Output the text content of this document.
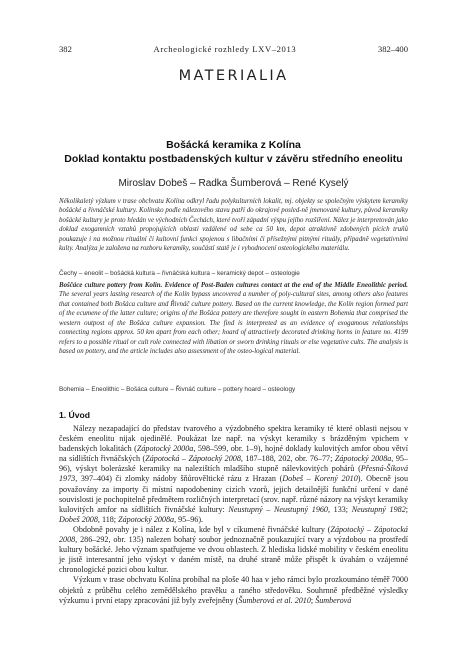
382	Archeologické rozhledy LXV–2013	382–400
MATERIALIA
Bošácká keramika z Kolína
Doklad kontaktu postbadenských kultur v závěru středního eneolitu
Miroslav Dobeš – Radka Šumberová – René Kyselý

Nëkolikaletý výzkum v trase obchvatu Kolína odkryl řadu polykulturních lokalit, mj. objekty se společným výskytem keramiky bošácké a řivnáčské kultury. Kolínsko podle nálezového stavu patří do okrajové posled-ně jmenované kultury, původ keramiky bošácké kultury je proto hledán ve východních Čechách, které tvoří západní výspu jejího rozšíření. Nález je interpretován jako doklad exogamních vztahů propojujících oblasti vzdálené od sebe ca 50 km, depot atraktivně zdobených pících truňů poukazuje i na možnou rituální či kultovní funkci spojenou s libačními či přísežnými pitnými rituály, případně vegetativními kulty. Analýza je založena na rozboru keramiky, součástí statě je i vyhodnocení osteologického materiálu.

Čechy – eneolit – bošácká kultura – řivnáčská kultura – keramický depot – osteologie

Boščáce culture pottery from Kolín. Evidence of Post-Baden cultures contact at the end of the Middle Eneolithic period. The several years lasting research of the Kolín bypass uncovered a number of poly-cultural sites, among others also features that contained both Bošáca culture and Řivnáč culture pottery. Based on the current knowledge, the Kolín region formed part of the ecumene of the latter culture; origins of the Bošáca pottery are therefore sought in eastern Bohemia that comprised the western outpost of the Bošáca culture expansion. The find is interpreted as an evidence of exogamous relationships connecting regions approx. 50 km apart from each other; hoard of attractively decorated drinking horns in feature no. 4199 refers to a possible ritual or cult role connected with libation or sworn drinking rituals or else vegetative cults. The analysis is based on pottery, and the article includes also assessment of the osteo-logical material.

Bohemia – Eneolithic – Bošáca culture – Řivnáč culture – pottery hoard – osteology

1. Úvod

Nálezy nezapadající do představ tvarového a výzdobného spektra keramiky té které oblasti nejsou v českém eneolitu nijak ojedinělé. Poukázat lze např. na výskyt keramiky s brázděným vpichem v badenských lokalitách (Zápotocký 2000a, 598–599, obr. 1–9), hojné doklady kulovitých amfor obou větví na sídlištích řivnáčských (Zápotocká – Zápotocký 2008, 187–188, 202, obr. 76–77; Zápotocký 2008a, 95–96), výskyt bolerázské keramiky na nalezištích mladšího stupně nálevkovitých pohárů (Přesná-Šíková 1973, 397–404) či zlomky nádoby šňůrověltické rázu z Hrazan (Dobeš – Korený 2010). Obecně jsou považovány za importy či místní napodobeniny cizích vzorů, jejich detailnější funkční určení v dané souvislosti je pochopitelně předmětem rozličných interpretací (srov. např. různé názory na výskyt keramiky kulovitých amfor na sídlištích řivnáčské kultury: Neustupný – Neustupný 1960, 133; Neustupný 1982; Dobeš 2008, 118; Zápotocký 2008a, 95–96).

Obdobně povahy je i nález z Kolína, kde byl v cíkumené řivnáčské kultury (Zápotocký – Zápotocká 2008, 286–292, obr. 135) nalezen bohatý soubor jednoznačně poukazující tvary a výzdobou na prostředí kultury bošácké. Jeho význam spatřujeme ve dvou oblastech. Z hlediska lidské mobility v českém eneolitu je jistě interesantní jeho výskyt v daném místě, na druhé straně může přispět k úvahám o vzájemné chronologické pozici obou kultur.

Výzkum v trase obchvatu Kolína probíhal na ploše 40 haa v jeho rámci bylo prozkoumáno téměř 7000 objektů z průběhu celého zemědělského pravěku a raného středověku. Souhrnně předběžné výsledky výzkumu i první etapy zpracování již byly zveřejněny (Šumberová et al. 2010; Šumberová
